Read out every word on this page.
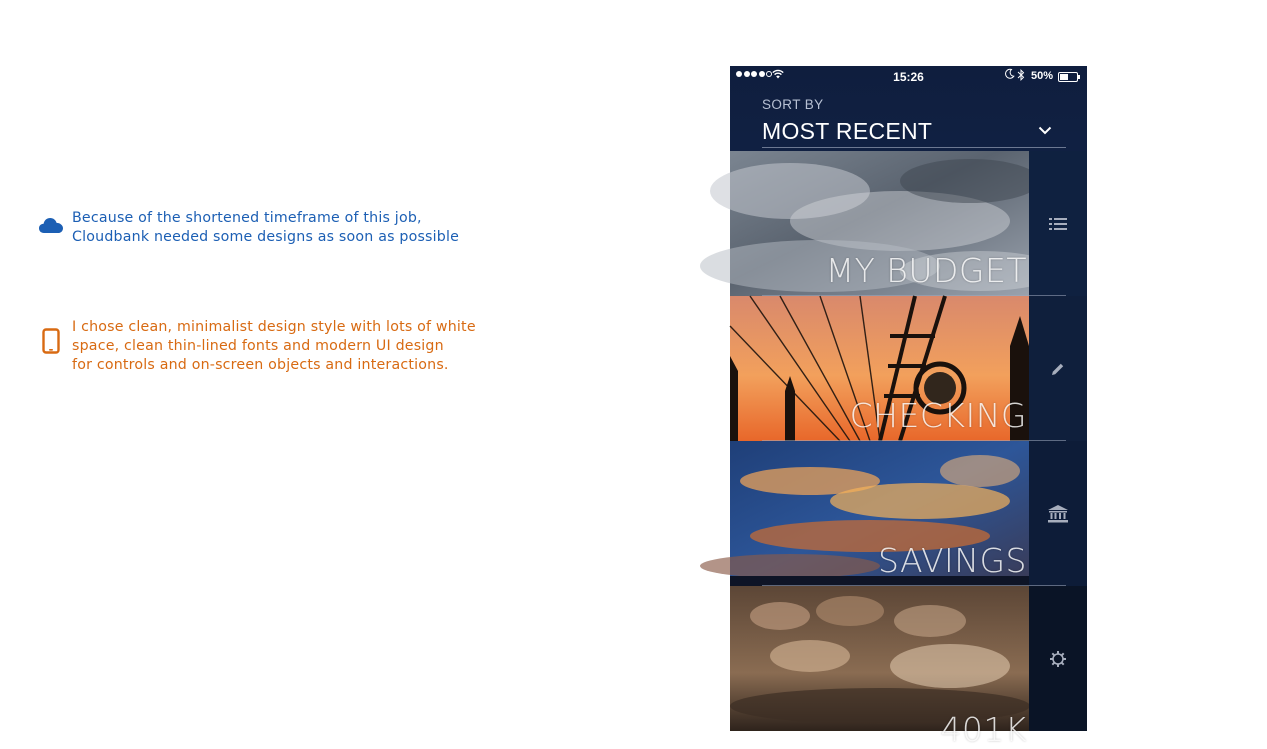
Because of the shortened timeframe of this job,
Cloudbank needed some designs as soon as possible
I chose clean, minimalist design style with lots of white
space, clean thin-lined fonts and modern UI design
for controls and on-screen objects and interactions.
15:26	50%
SORT BY
MOST RECENT
MY BUDGET
CHECKING
SAVINGS
401K
